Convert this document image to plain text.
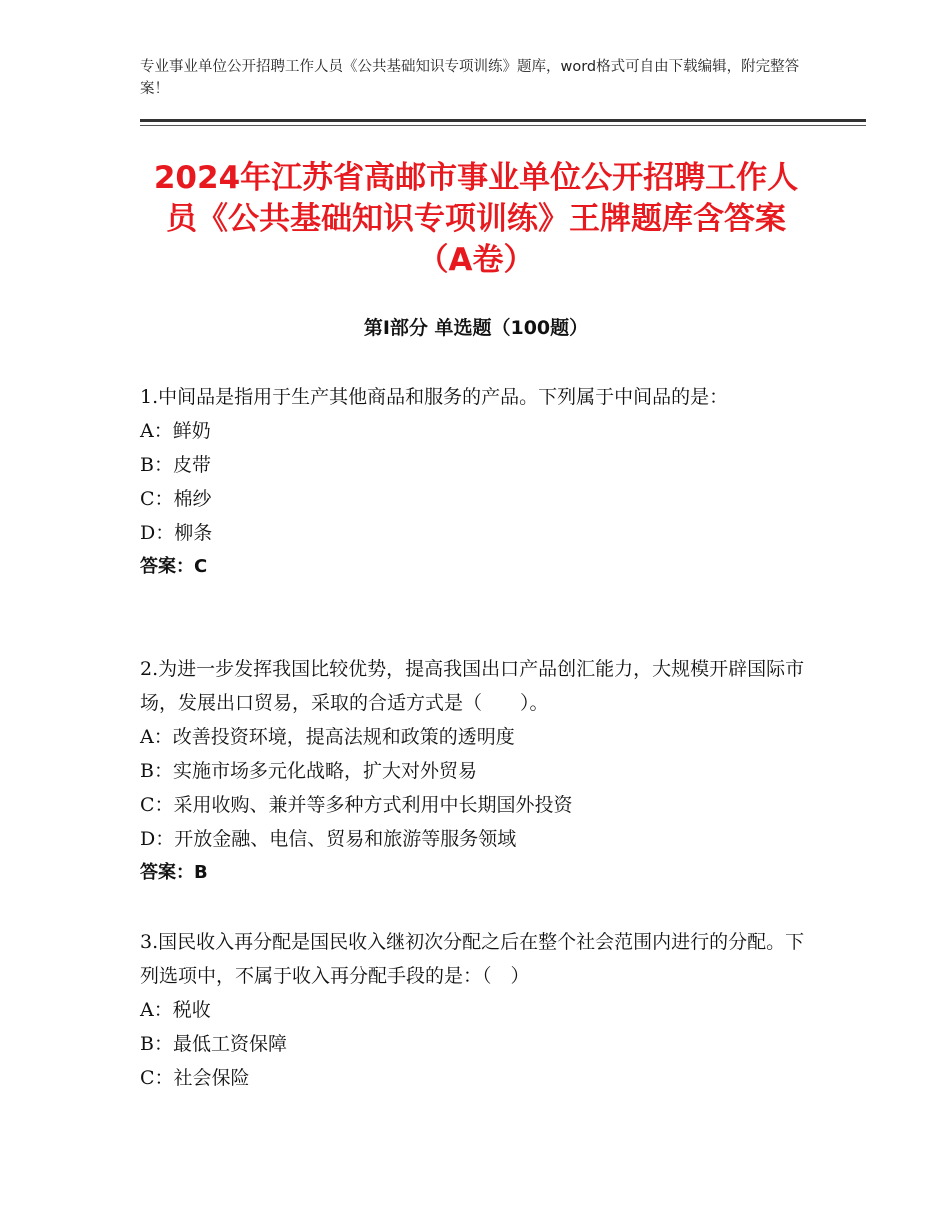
专业事业单位公开招聘工作人员《公共基础知识专项训练》题库，word格式可自由下载编辑，附完整答案！
2024年江苏省高邮市事业单位公开招聘工作人员《公共基础知识专项训练》王牌题库含答案（A卷）
第Ⅰ部分 单选题（100题）
1.中间品是指用于生产其他商品和服务的产品。下列属于中间品的是：
A：鲜奶
B：皮带
C：棉纱
D：柳条
答案：C
2.为进一步发挥我国比较优势，提高我国出口产品创汇能力，大规模开辟国际市场，发展出口贸易，采取的合适方式是（　　）。
A：改善投资环境，提高法规和政策的透明度
B：实施市场多元化战略，扩大对外贸易
C：采用收购、兼并等多种方式利用中长期国外投资
D：开放金融、电信、贸易和旅游等服务领域
答案：B
3.国民收入再分配是国民收入继初次分配之后在整个社会范围内进行的分配。下列选项中，不属于收入再分配手段的是：（　）
A：税收
B：最低工资保障
C：社会保险
